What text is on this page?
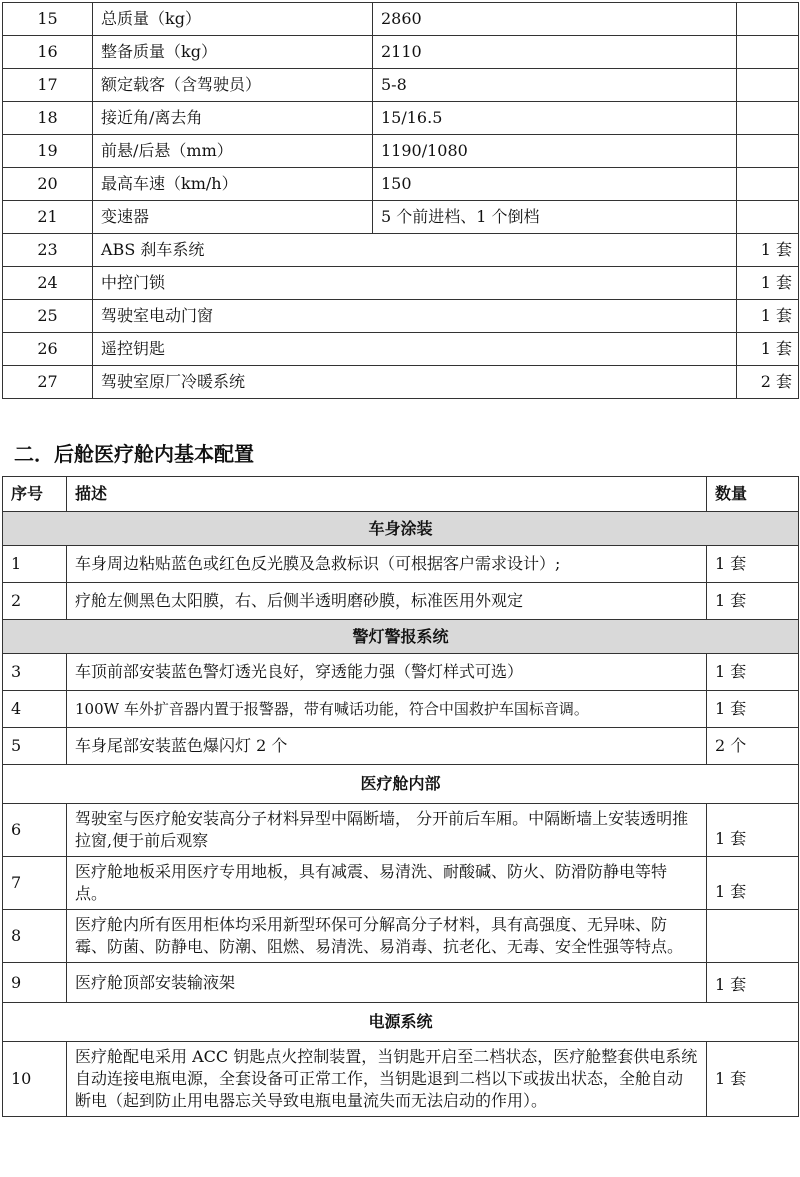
15	总质量（kg）	2860	
16	整备质量（kg）	2110	
17	额定载客（含驾驶员）	5-8	
18	接近角/离去角	15/16.5	
19	前悬/后悬（mm）	1190/1080	
20	最高车速（km/h）	150	
21	变速器	5 个前进档、1 个倒档	
23	ABS 刹车系统		1 套
24	中控门锁		1 套
25	驾驶室电动门窗		1 套
26	遥控钥匙		1 套
27	驾驶室原厂冷暖系统		2 套
二．后舱医疗舱内基本配置
序号	描述	数量
车身涂装		
1	车身周边粘贴蓝色或红色反光膜及急救标识（可根据客户需求设计）;	1 套
2	疗舱左侧黑色太阳膜，右、后侧半透明磨砂膜，标准医用外观定	1 套
警灯警报系统		
3	车顶前部安装蓝色警灯透光良好，穿透能力强（警灯样式可选）	1 套
4	100W 车外扩音器内置于报警器，带有喊话功能，符合中国救护车国标音调。	1 套
5	车身尾部安装蓝色爆闪灯 2 个	2 个
医疗舱内部		
6	驾驶室与医疗舱安装高分子材料异型中隔断墙， 分开前后车厢。中隔断墙上安装透明推拉窗,便于前后观察	1 套
7	医疗舱地板采用医疗专用地板，具有减震、易清洗、耐酸碱、防火、防滑防静电等特点。	1 套
8	医疗舱内所有医用柜体均采用新型环保可分解高分子材料，具有高强度、无异味、防霉、防菌、防静电、防潮、阻燃、易清洗、易消毒、抗老化、无毒、安全性强等特点。	
9	医疗舱顶部安装输液架	1 套
电源系统		
10	医疗舱配电采用 ACC 钥匙点火控制装置，当钥匙开启至二档状态，医疗舱整套供电系统自动连接电瓶电源，全套设备可正常工作，当钥匙退到二档以下或拔出状态，全舱自动断电（起到防止用电器忘关导致电瓶电量流失而无法启动的作用）。	1 套
